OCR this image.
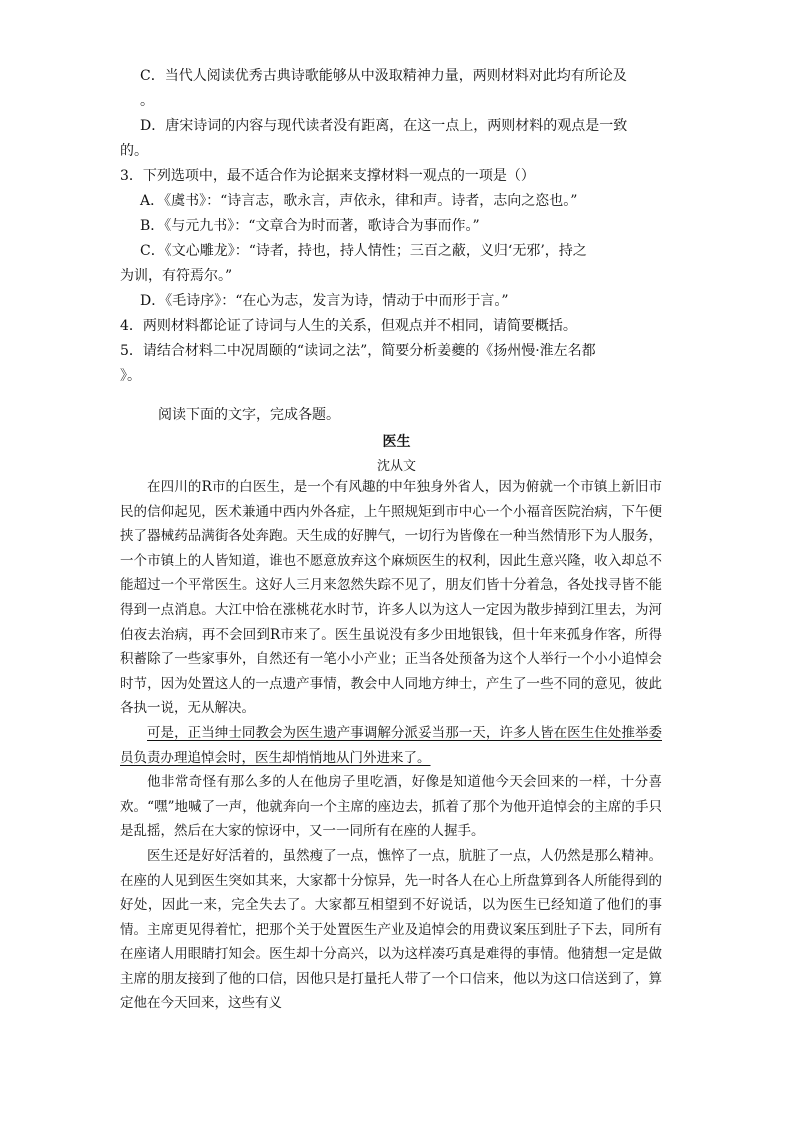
C．当代人阅读优秀古典诗歌能够从中汲取精神力量，两则材料对此均有所论及
。
D．唐宋诗词的内容与现代读者没有距离，在这一点上，两则材料的观点是一致
的。
3．下列选项中，最不适合作为论据来支撑材料一观点的一项是（）
A．《虞书》：“诗言志，歌永言，声依永，律和声。诗者，志向之恣也。”
B．《与元九书》：“文章合为时而著，歌诗合为事而作。”
C．《文心雕龙》：“诗者，持也，持人情性；三百之蔽，义归‘无邪’，持之
为训，有符焉尔。”
D．《毛诗序》：“在心为志，发言为诗，情动于中而形于言。”
4．两则材料都论证了诗词与人生的关系，但观点并不相同，请简要概括。
5．请结合材料二中况周颐的“读词之法”，简要分析姜夔的《扬州慢·淮左名都
》。
阅读下面的文字，完成各题。
医生
沈从文

在四川的R市的白医生，是一个有风趣的中年独身外省人，因为俯就一个市镇上新旧市民的信仰起见，医术兼通中西内外各症，上午照规矩到市中心一个小福音医院治病，下午便挟了器械药品满街各处奔跑。天生成的好脾气，一切行为皆像在一种当然情形下为人服务，一个市镇上的人皆知道，谁也不愿意放弃这个麻烦医生的权利，因此生意兴隆，收入却总不能超过一个平常医生。这好人三月来忽然失踪不见了，朋友们皆十分着急，各处找寻皆不能得到一点消息。大江中恰在涨桃花水时节，许多人以为这人一定因为散步掉到江里去，为河伯夜去治病，再不会回到R市来了。医生虽说没有多少田地银钱，但十年来孤身作客，所得积蓄除了一些家事外，自然还有一笔小小产业；正当各处预备为这个人举行一个小小追悼会时节，因为处置这人的一点遗产事情，教会中人同地方绅士，产生了一些不同的意见，彼此各执一说，无从解决。

可是，正当绅士同教会为医生遗产事调解分派妥当那一天，许多人皆在医生住处推举委员负责办理追悼会时，医生却悄悄地从门外进来了。

他非常奇怪有那么多的人在他房子里吃酒，好像是知道他今天会回来的一样，十分喜欢。“嘿”地喊了一声，他就奔向一个主席的座边去，抓着了那个为他开追悼会的主席的手只是乱摇，然后在大家的惊讶中，又一一同所有在座的人握手。

医生还是好好活着的，虽然瘦了一点，憔悴了一点，肮脏了一点，人仍然是那么精神。在座的人见到医生突如其来，大家都十分惊异，先一时各人在心上所盘算到各人所能得到的好处，因此一来，完全失去了。大家都互相望到不好说话，以为医生已经知道了他们的事情。主席更见得着忙，把那个关于处置医生产业及追悼会的用费议案压到肚子下去，同所有在座诸人用眼睛打知会。医生却十分高兴，以为这样凑巧真是难得的事情。他猜想一定是做主席的朋友接到了他的口信，因他只是打量托人带了一个口信来，他以为这口信送到了，算定他在今天回来，这些有义
